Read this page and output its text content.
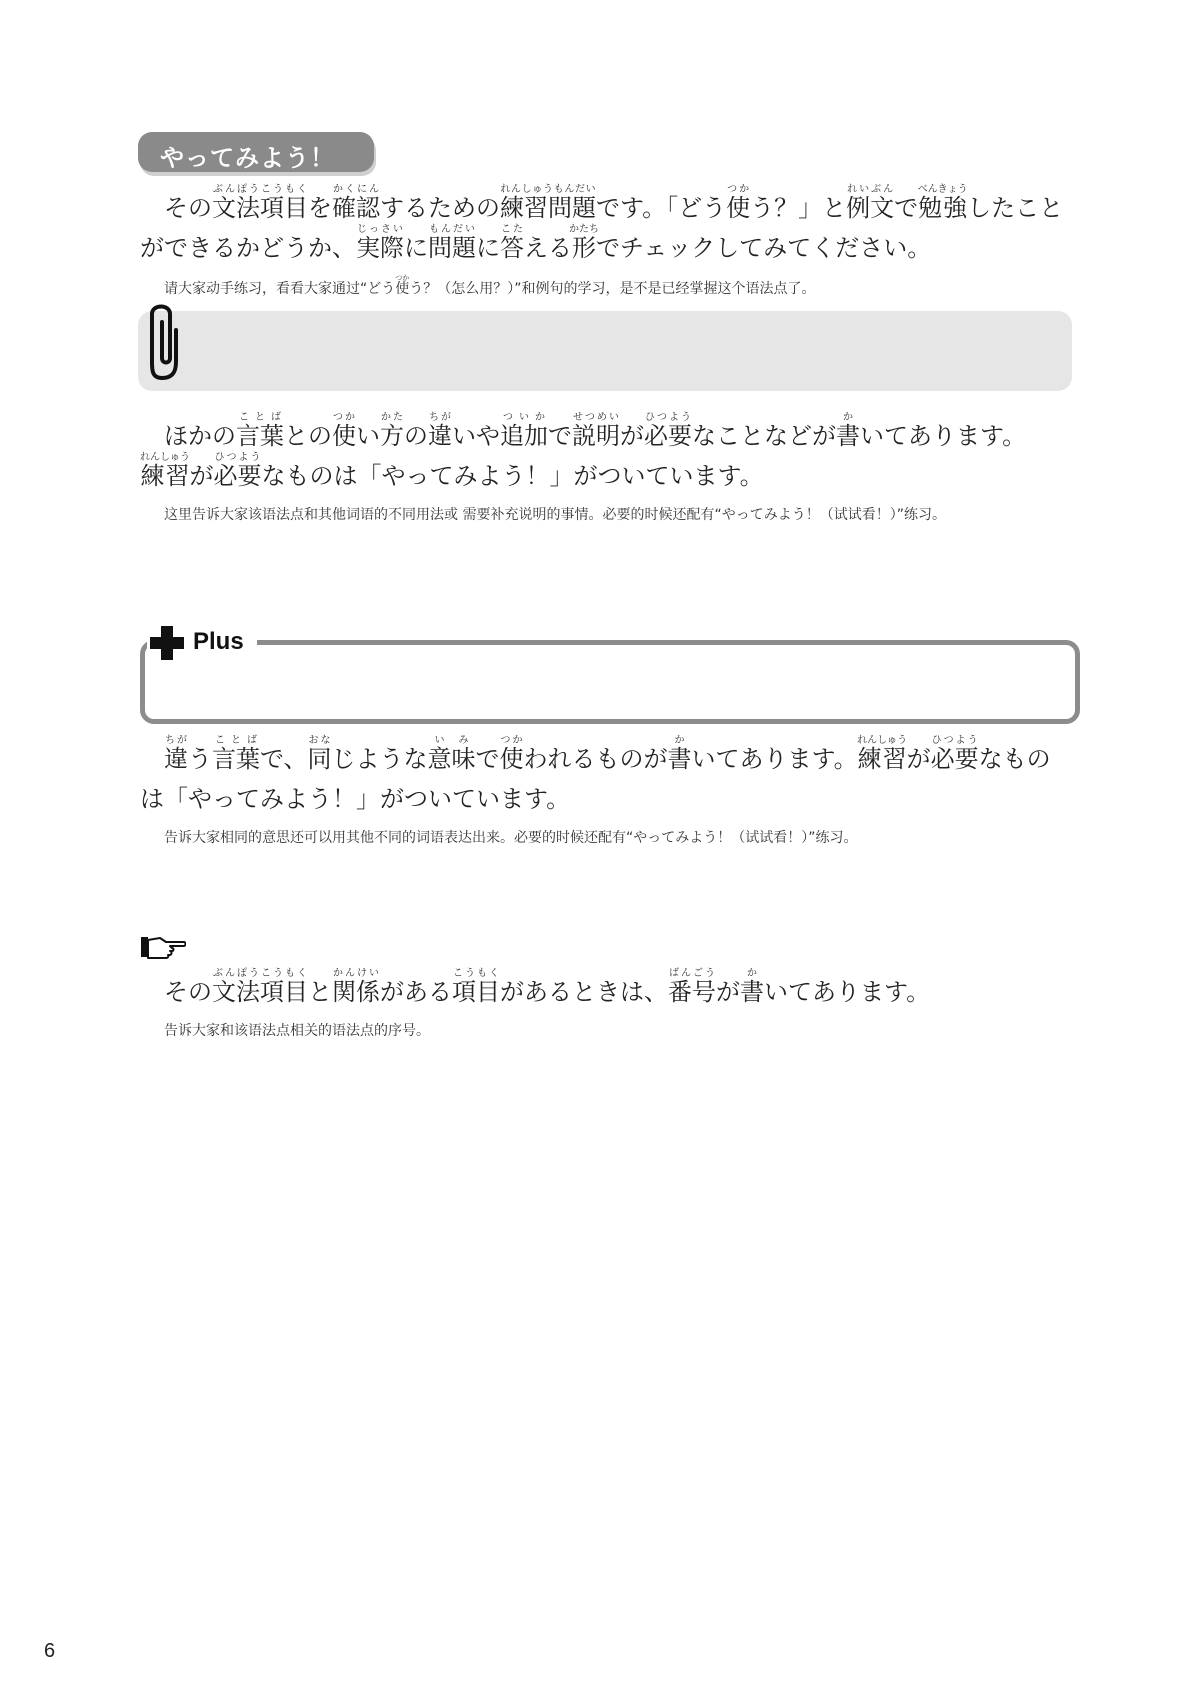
やってみよう！

その文法項目ぶんぽうこうもくを確認かくにんするための練習問題れんしゅうもんだいです。「どう使つかう？」と例文れいぶんで勉強べんきょうしたことができるかどうか、実際じっさいに問題もんだいに答こたえる形かたちでチェックしてみてください。

请大家动手练习，看看大家通过“どう使つかう？（怎么用？）”和例句的学习，是不是已经掌握这个语法点了。

ほかの言葉ことばとの使つかい方かたの違ちがいや追加ついかで説明せつめいが必要ひつようなことなどが書かいてあります。練習れんしゅうが必要ひつようなものは「やってみよう！」がついています。

这里告诉大家该语法点和其他词语的不同用法或 需要补充说明的事情。必要的时候还配有“やってみよう！（试试看！）”练习。

Plus

違ちがう言葉ことばで、同おなじような意味いみで使つかわれるものが書かいてあります。練習れんしゅうが必要ひつようなものは「やってみよう！」がついています。

告诉大家相同的意思还可以用其他不同的词语表达出来。必要的时候还配有“やってみよう！（试试看！）”练习。

その文法項目ぶんぽうこうもくと関係かんけいがある項目こうもくがあるときは、番号ばんごうが書かいてあります。

告诉大家和该语法点相关的语法点的序号。

6
